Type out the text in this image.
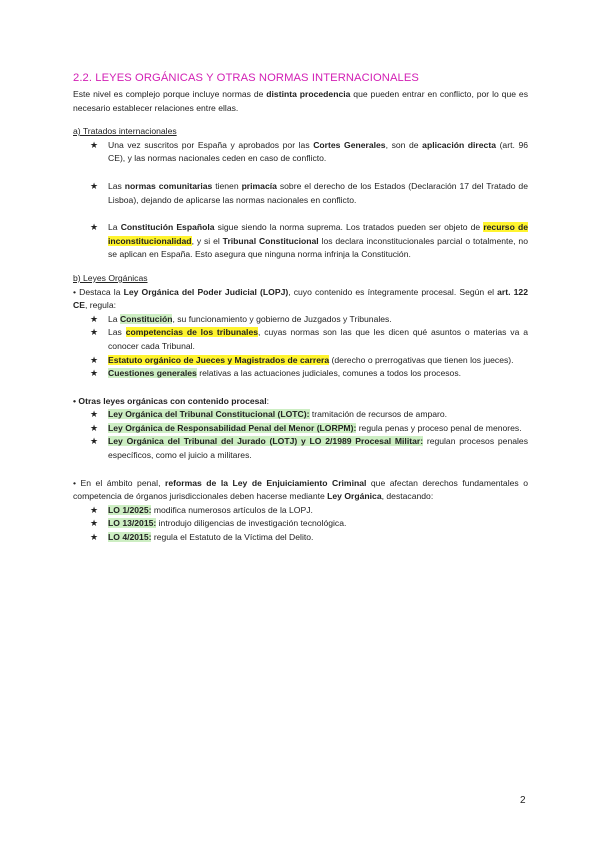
2.2. LEYES ORGÁNICAS Y OTRAS NORMAS INTERNACIONALES

Este nivel es complejo porque incluye normas de distinta procedencia que pueden entrar en conflicto, por lo que es necesario establecer relaciones entre ellas.

a) Tratados internacionales

★ Una vez suscritos por España y aprobados por las Cortes Generales, son de aplicación directa (art. 96 CE), y las normas nacionales ceden en caso de conflicto.
★ Las normas comunitarias tienen primacía sobre el derecho de los Estados (Declaración 17 del Tratado de Lisboa), dejando de aplicarse las normas nacionales en conflicto.
★ La Constitución Española sigue siendo la norma suprema. Los tratados pueden ser objeto de recurso de inconstitucionalidad, y si el Tribunal Constitucional los declara inconstitucionales parcial o totalmente, no se aplican en España. Esto asegura que ninguna norma infrinja la Constitución.

b) Leyes Orgánicas

• Destaca la Ley Orgánica del Poder Judicial (LOPJ), cuyo contenido es íntegramente procesal. Según el art. 122 CE, regula:

★ La Constitución, su funcionamiento y gobierno de Juzgados y Tribunales.
★ Las competencias de los tribunales, cuyas normas son las que les dicen qué asuntos o materias va a conocer cada Tribunal.
★ Estatuto orgánico de Jueces y Magistrados de carrera (derecho o prerrogativas que tienen los jueces).
★ Cuestiones generales relativas a las actuaciones judiciales, comunes a todos los procesos.

• Otras leyes orgánicas con contenido procesal:

★ Ley Orgánica del Tribunal Constitucional (LOTC): tramitación de recursos de amparo.
★ Ley Orgánica de Responsabilidad Penal del Menor (LORPM): regula penas y proceso penal de menores.
★ Ley Orgánica del Tribunal del Jurado (LOTJ) y LO 2/1989 Procesal Militar: regulan procesos penales específicos, como el juicio a militares.

• En el ámbito penal, reformas de la Ley de Enjuiciamiento Criminal que afectan derechos fundamentales o competencia de órganos jurisdiccionales deben hacerse mediante Ley Orgánica, destacando:

★ LO 1/2025: modifica numerosos artículos de la LOPJ.
★ LO 13/2015: introdujo diligencias de investigación tecnológica.
★ LO 4/2015: regula el Estatuto de la Víctima del Delito.
2
